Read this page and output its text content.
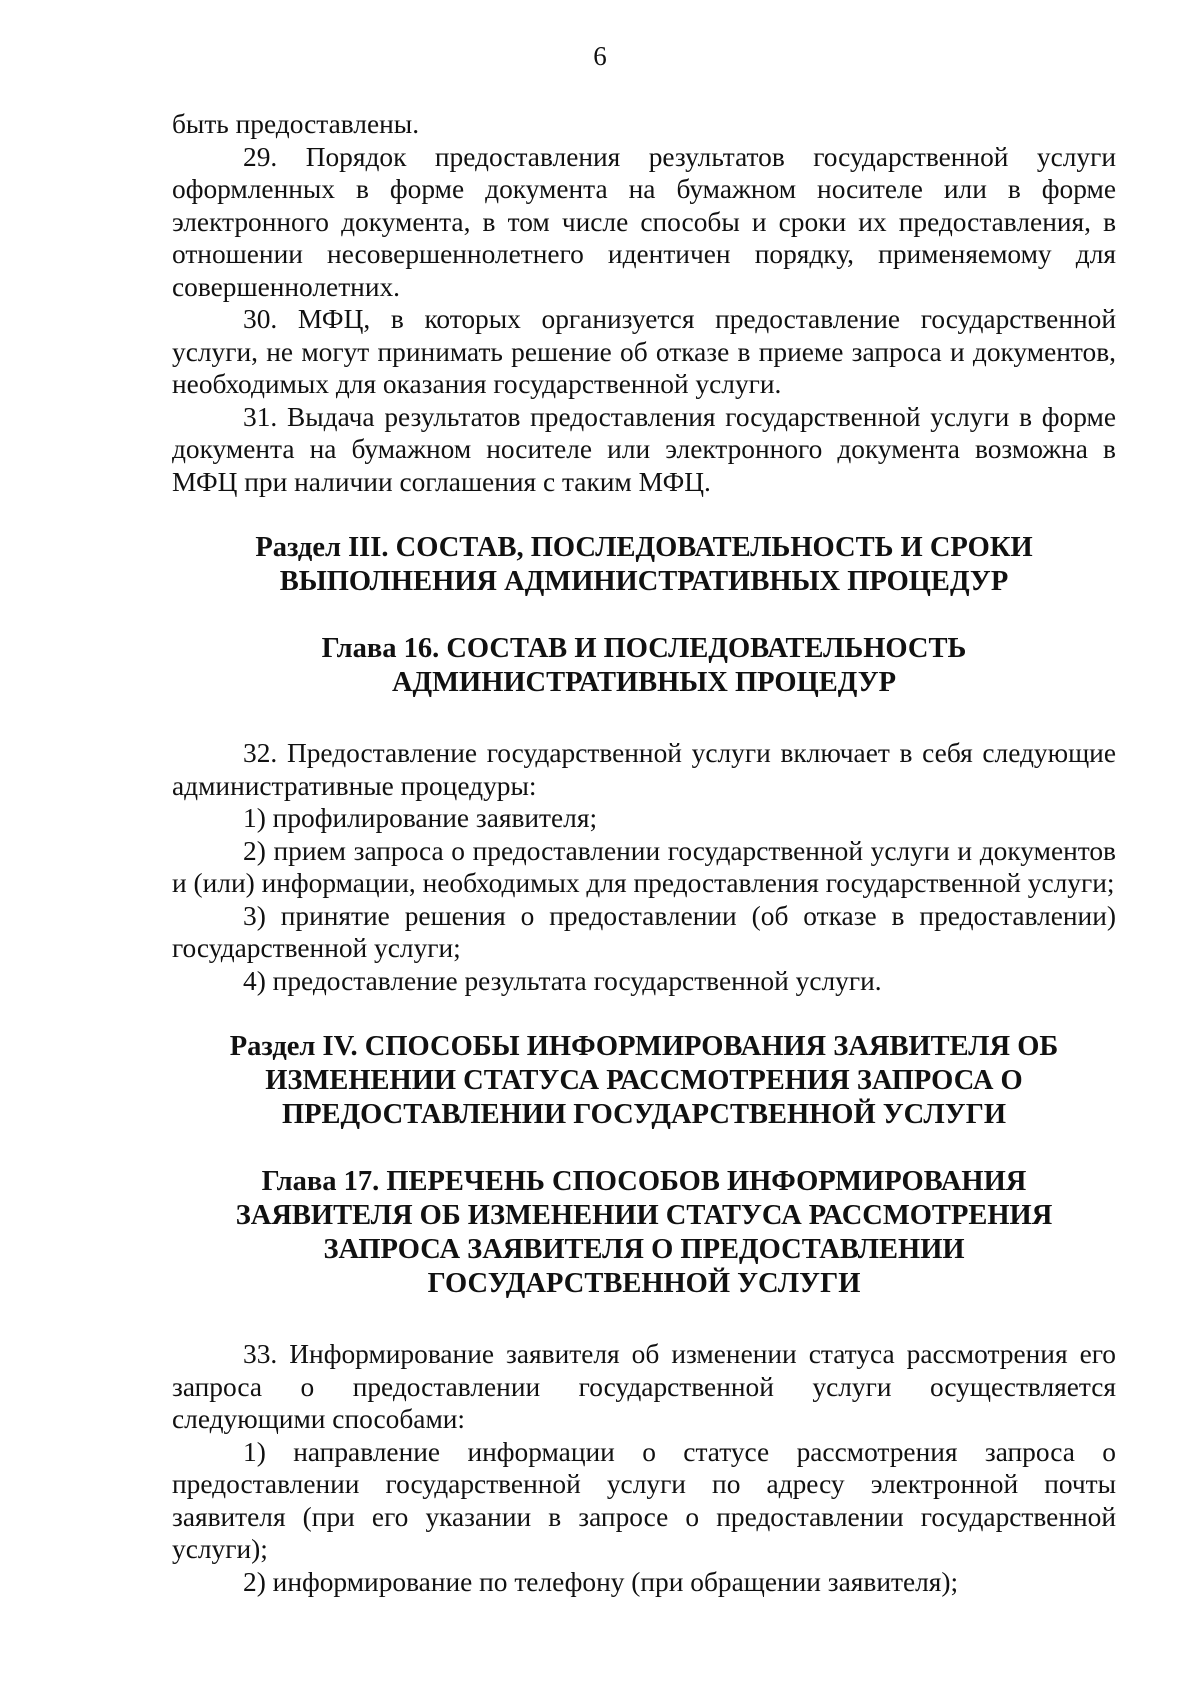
6

быть предоставлены.

29. Порядок предоставления результатов государственной услуги оформленных в форме документа на бумажном носителе или в форме электронного документа, в том числе способы и сроки их предоставления, в отношении несовершеннолетнего идентичен порядку, применяемому для совершеннолетних.

30. МФЦ, в которых организуется предоставление государственной услуги, не могут принимать решение об отказе в приеме запроса и документов, необходимых для оказания государственной услуги.

31. Выдача результатов предоставления государственной услуги в форме документа на бумажном носителе или электронного документа возможна в МФЦ при наличии соглашения с таким МФЦ.

Раздел III. СОСТАВ, ПОСЛЕДОВАТЕЛЬНОСТЬ И СРОКИ ВЫПОЛНЕНИЯ АДМИНИСТРАТИВНЫХ ПРОЦЕДУР
Глава 16. СОСТАВ И ПОСЛЕДОВАТЕЛЬНОСТЬ АДМИНИСТРАТИВНЫХ ПРОЦЕДУР

32. Предоставление государственной услуги включает в себя следующие административные процедуры:

1) профилирование заявителя;

2) прием запроса о предоставлении государственной услуги и документов и (или) информации, необходимых для предоставления государственной услуги;

3) принятие решения о предоставлении (об отказе в предоставлении) государственной услуги;

4) предоставление результата государственной услуги.

Раздел IV. СПОСОБЫ ИНФОРМИРОВАНИЯ ЗАЯВИТЕЛЯ ОБ ИЗМЕНЕНИИ СТАТУСА РАССМОТРЕНИЯ ЗАПРОСА О ПРЕДОСТАВЛЕНИИ ГОСУДАРСТВЕННОЙ УСЛУГИ
Глава 17. ПЕРЕЧЕНЬ СПОСОБОВ ИНФОРМИРОВАНИЯ ЗАЯВИТЕЛЯ ОБ ИЗМЕНЕНИИ СТАТУСА РАССМОТРЕНИЯ ЗАПРОСА ЗАЯВИТЕЛЯ О ПРЕДОСТАВЛЕНИИ ГОСУДАРСТВЕННОЙ УСЛУГИ

33. Информирование заявителя об изменении статуса рассмотрения его запроса о предоставлении государственной услуги осуществляется следующими способами:

1) направление информации о статусе рассмотрения запроса о предоставлении государственной услуги по адресу электронной почты заявителя (при его указании в запросе о предоставлении государственной услуги);

2) информирование по телефону (при обращении заявителя);
